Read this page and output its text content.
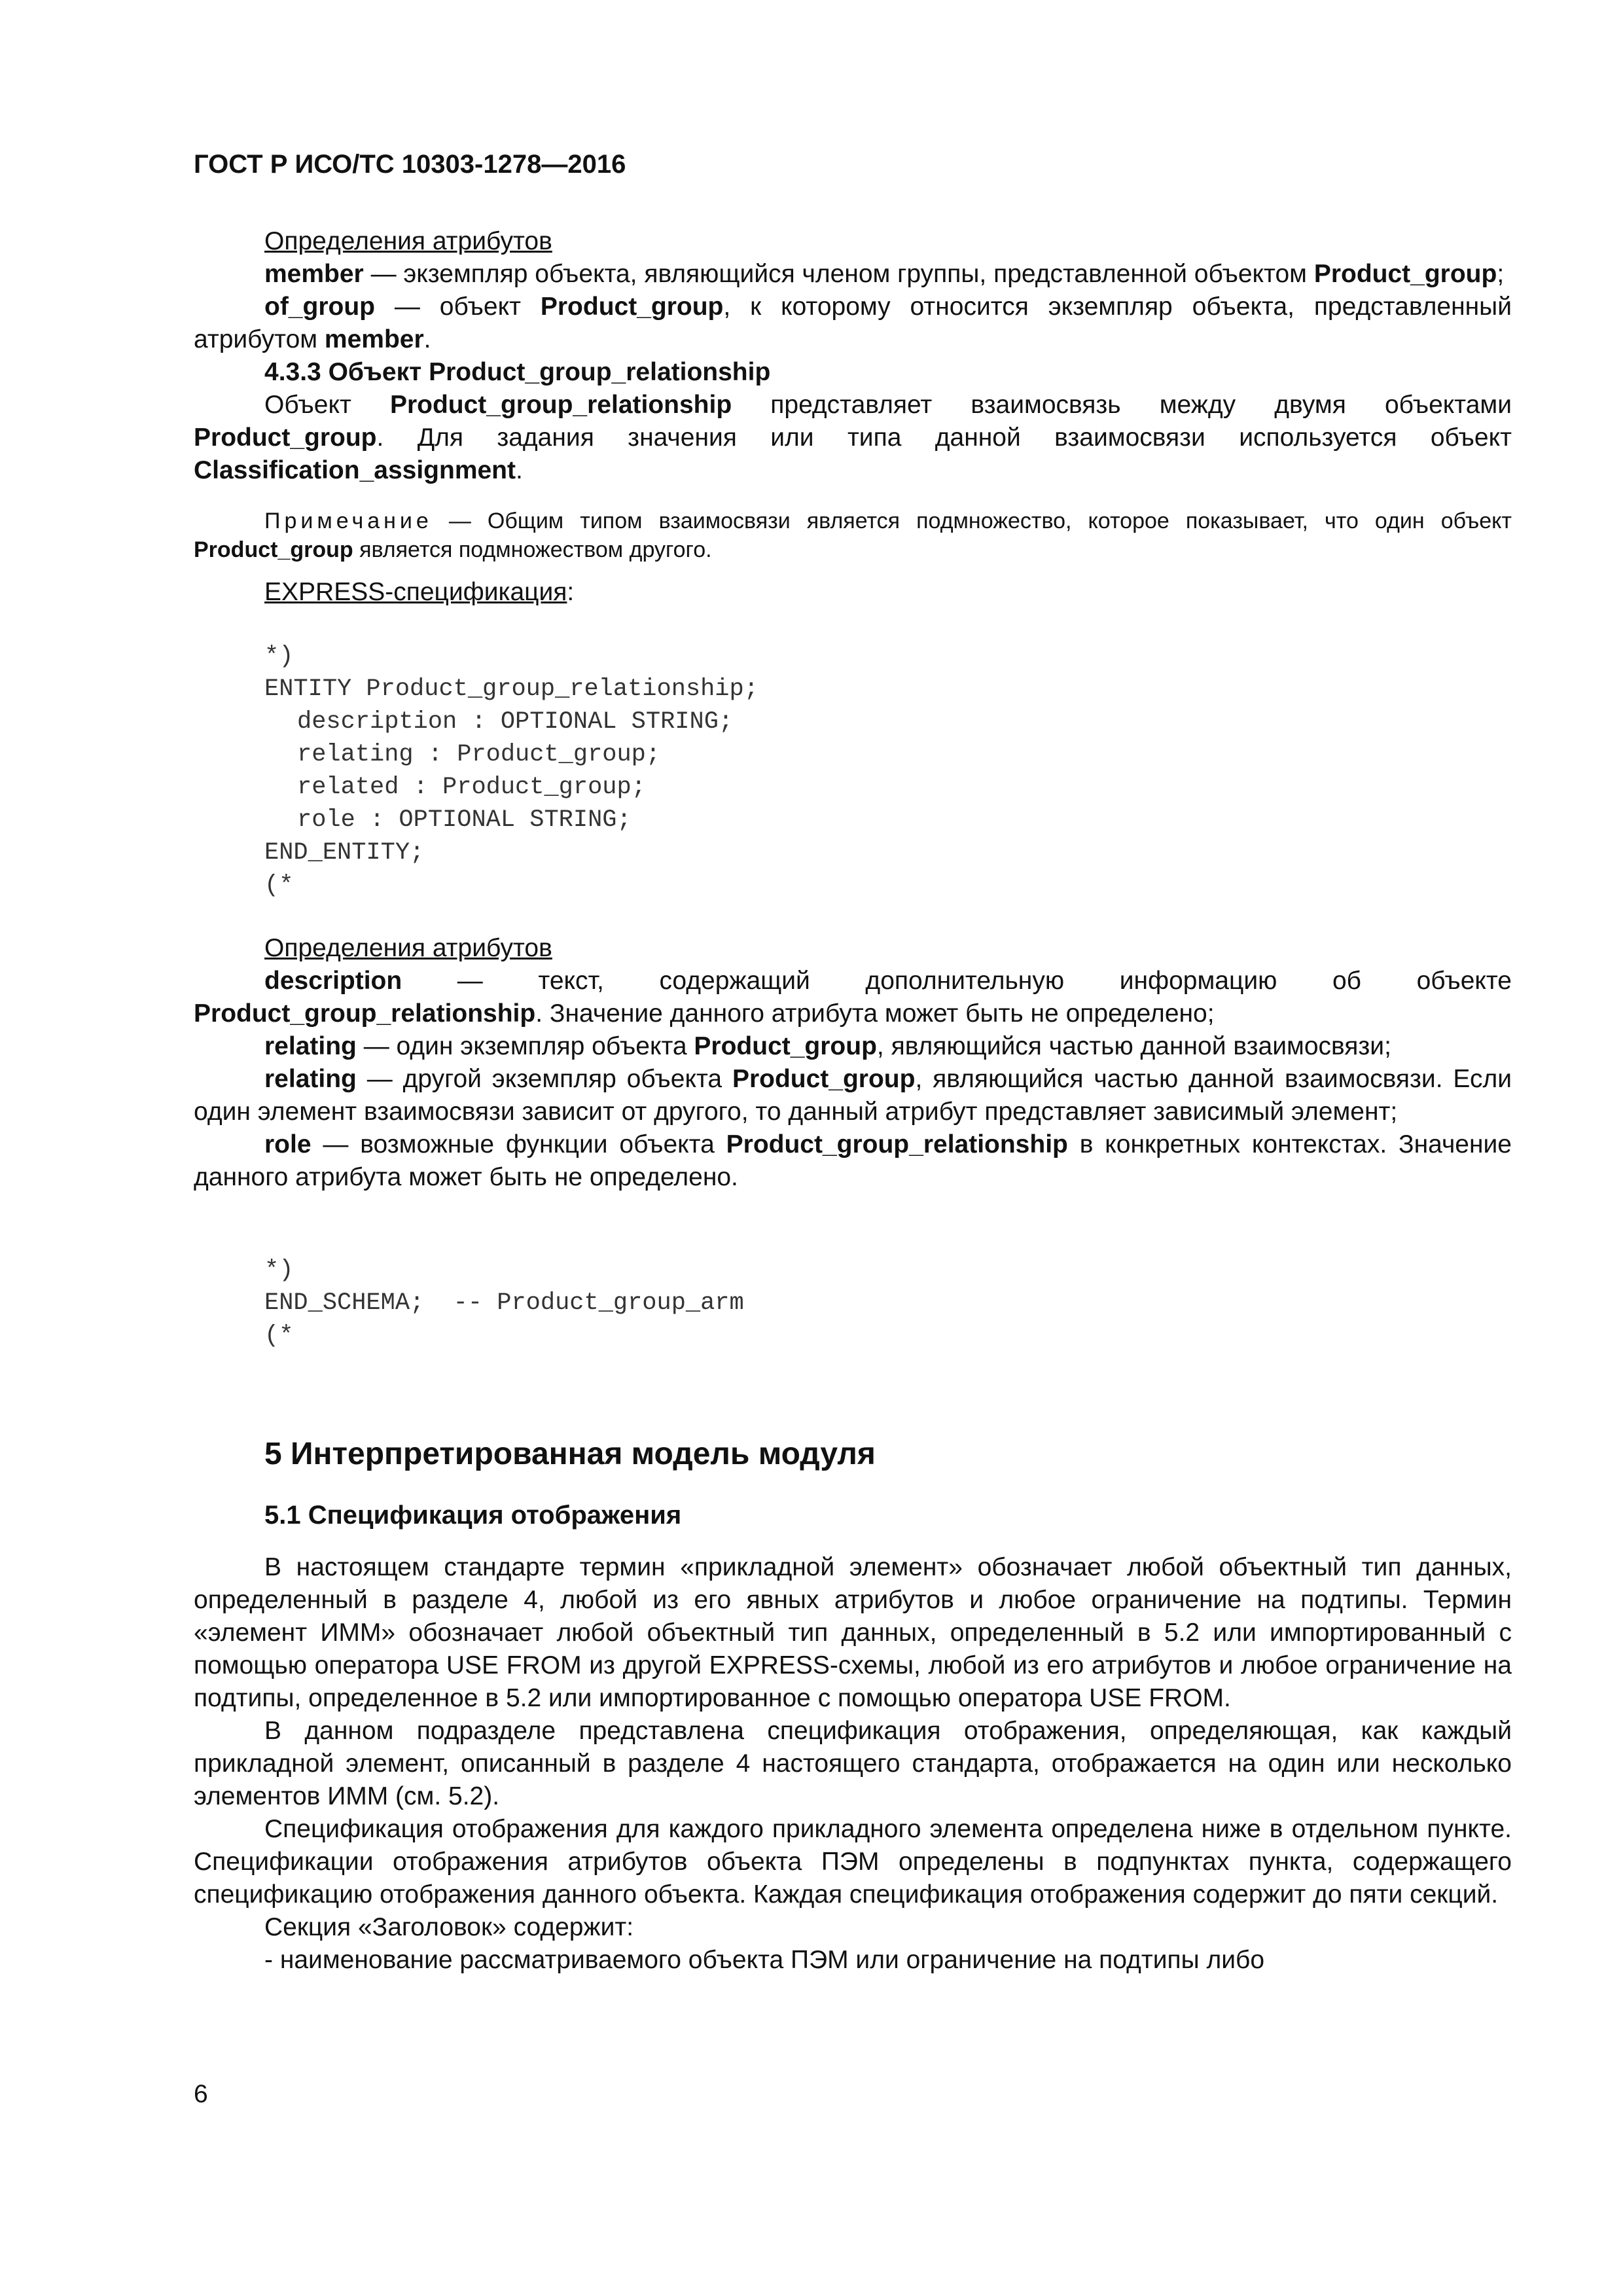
ГОСТ Р ИСО/ТС 10303-1278—2016

Определения атрибутов

member — экземпляр объекта, являющийся членом группы, представленной объектом Product_group;

of_group — объект Product_group, к которому относится экземпляр объекта, представленный атрибутом member.

4.3.3 Объект Product_group_relationship

Объект Product_group_relationship представляет взаимосвязь между двумя объектами Product_group. Для задания значения или типа данной взаимосвязи используется объект Classification_assignment.

Примечание — Общим типом взаимосвязи является подмножество, которое показывает, что один объект Product_group является подмножеством другого.

EXPRESS-спецификация:

*)
ENTITY Product_group_relationship;
description : OPTIONAL STRING;
relating : Product_group;
related : Product_group;
role : OPTIONAL STRING;
END_ENTITY;
(*

Определения атрибутов

description — текст, содержащий дополнительную информацию об объекте Product_group_relationship. Значение данного атрибута может быть не определено;

relating — один экземпляр объекта Product_group, являющийся частью данной взаимосвязи;

relating — другой экземпляр объекта Product_group, являющийся частью данной взаимосвязи. Если один элемент взаимосвязи зависит от другого, то данный атрибут представляет зависимый элемент;

role — возможные функции объекта Product_group_relationship в конкретных контекстах. Значение данного атрибута может быть не определено.

*)
END_SCHEMA;  -- Product_group_arm
(*
5 Интерпретированная модель модуля
5.1 Спецификация отображения

В настоящем стандарте термин «прикладной элемент» обозначает любой объектный тип данных, определенный в разделе 4, любой из его явных атрибутов и любое ограничение на подтипы. Термин «элемент ИММ» обозначает любой объектный тип данных, определенный в 5.2 или импортированный с помощью оператора USE FROM из другой EXPRESS-схемы, любой из его атрибутов и любое ограничение на подтипы, определенное в 5.2 или импортированное с помощью оператора USE FROM.

В данном подразделе представлена спецификация отображения, определяющая, как каждый прикладной элемент, описанный в разделе 4 настоящего стандарта, отображается на один или несколько элементов ИММ (см. 5.2).

Спецификация отображения для каждого прикладного элемента определена ниже в отдельном пункте. Спецификации отображения атрибутов объекта ПЭМ определены в подпунктах пункта, содержащего спецификацию отображения данного объекта. Каждая спецификация отображения содержит до пяти секций.

Секция «Заголовок» содержит:

- наименование рассматриваемого объекта ПЭМ или ограничение на подтипы либо

6
